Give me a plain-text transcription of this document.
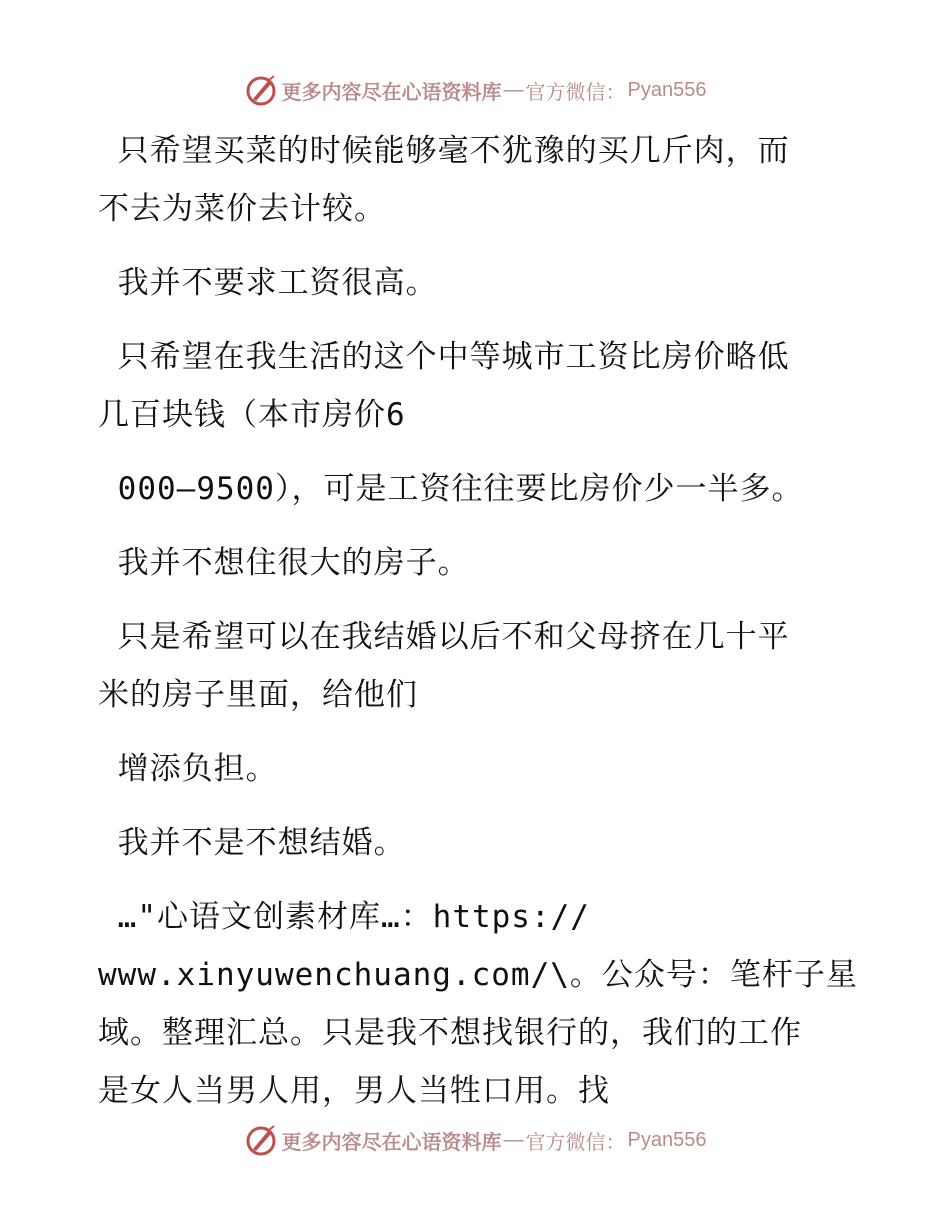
更多内容尽在心语资料库 — 官方微信： Pyan556
只希望买菜的时候能够毫不犹豫的买几斤肉，而
不去为菜价去计较。
我并不要求工资很高。
只希望在我生活的这个中等城市工资比房价略低
几百块钱（本市房价6
000—9500），可是工资往往要比房价少一半多。
我并不想住很大的房子。
只是希望可以在我结婚以后不和父母挤在几十平
米的房子里面，给他们
增添负担。
我并不是不想结婚。
…"心语文创素材库…：https://
www.xinyuwenchuang.com/\。公众号：笔杆子星
域。整理汇总。只是我不想找银行的，我们的工作
是女人当男人用，男人当牲口用。找
更多内容尽在心语资料库 — 官方微信： Pyan556
